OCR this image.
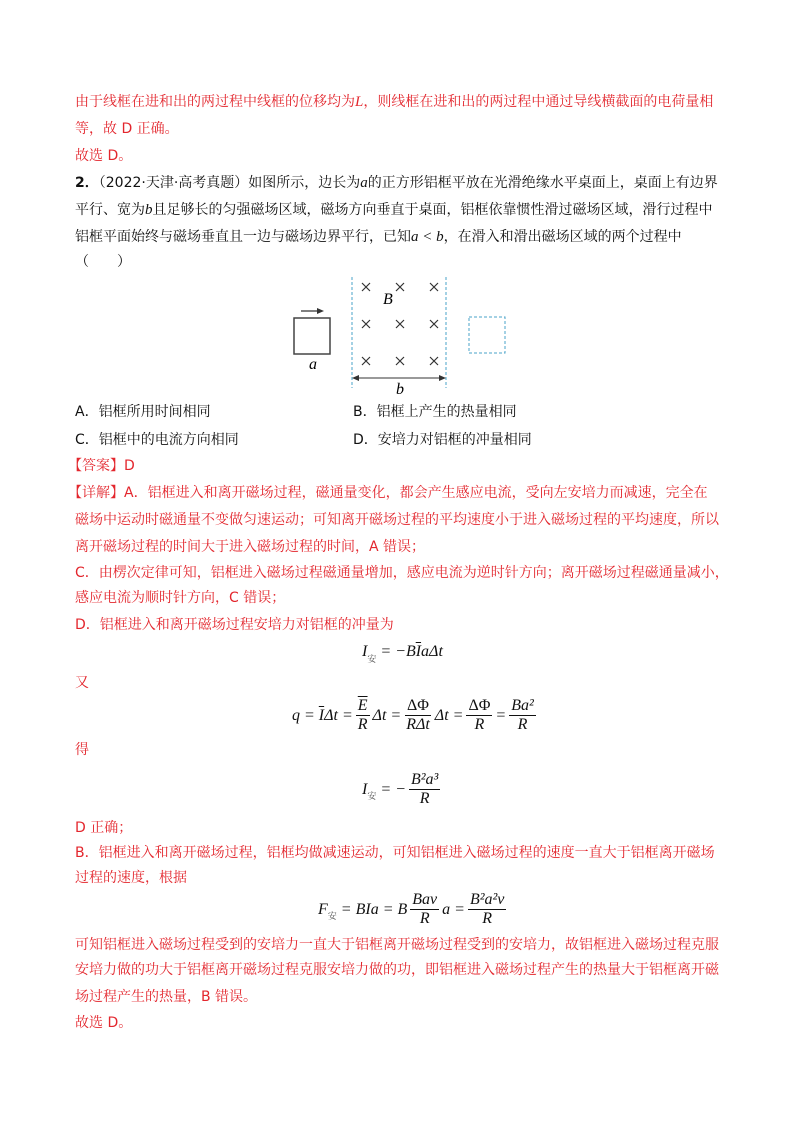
由于线框在进和出的两过程中线框的位移均为L，则线框在进和出的两过程中通过导线横截面的电荷量相
等，故 D 正确。
故选 D。
2．（2022·天津·高考真题）如图所示，边长为a的正方形铝框平放在光滑绝缘水平桌面上，桌面上有边界
平行、宽为b且足够长的匀强磁场区域，磁场方向垂直于桌面，铝框依靠惯性滑过磁场区域，滑行过程中
铝框平面始终与磁场垂直且一边与磁场边界平行，已知a < b，在滑入和滑出磁场区域的两个过程中
（　　）
a
B
b
A．铝框所用时间相同	B．铝框上产生的热量相同
C．铝框中的电流方向相同	D．安培力对铝框的冲量相同
【答案】D
【详解】A．铝框进入和离开磁场过程，磁通量变化，都会产生感应电流，受向左安培力而减速，完全在
磁场中运动时磁通量不变做匀速运动；可知离开磁场过程的平均速度小于进入磁场过程的平均速度，所以
离开磁场过程的时间大于进入磁场过程的时间，A 错误；
C．由楞次定律可知，铝框进入磁场过程磁通量增加，感应电流为逆时针方向；离开磁场过程磁通量减小，
感应电流为顺时针方向，C 错误；
D．铝框进入和离开磁场过程安培力对铝框的冲量为
I 安
= −B $\overline{I}$ aΔt
又
q =
$\overline{I}$ $\Delta t = \frac{\overline{E}}{R}$ $\Delta t = \frac{\Delta\Phi}{\text{RΔt}}$ $\Delta t = \frac{\Delta\Phi}{R} = \frac{\text{Ba²}}{R}$
得
I 安
= − $\frac{\text{B²a³}}{R}$
D 正确；
B．铝框进入和离开磁场过程，铝框均做减速运动，可知铝框进入磁场过程的速度一直大于铝框离开磁场
过程的速度，根据
F 安
= BIa = B $\frac{\text{Bav}}{R}$ $a = \frac{\text{B²a²v}}{R}$
可知铝框进入磁场过程受到的安培力一直大于铝框离开磁场过程受到的安培力，故铝框进入磁场过程克服
安培力做的功大于铝框离开磁场过程克服安培力做的功，即铝框进入磁场过程产生的热量大于铝框离开磁
场过程产生的热量，B 错误。
故选 D。
